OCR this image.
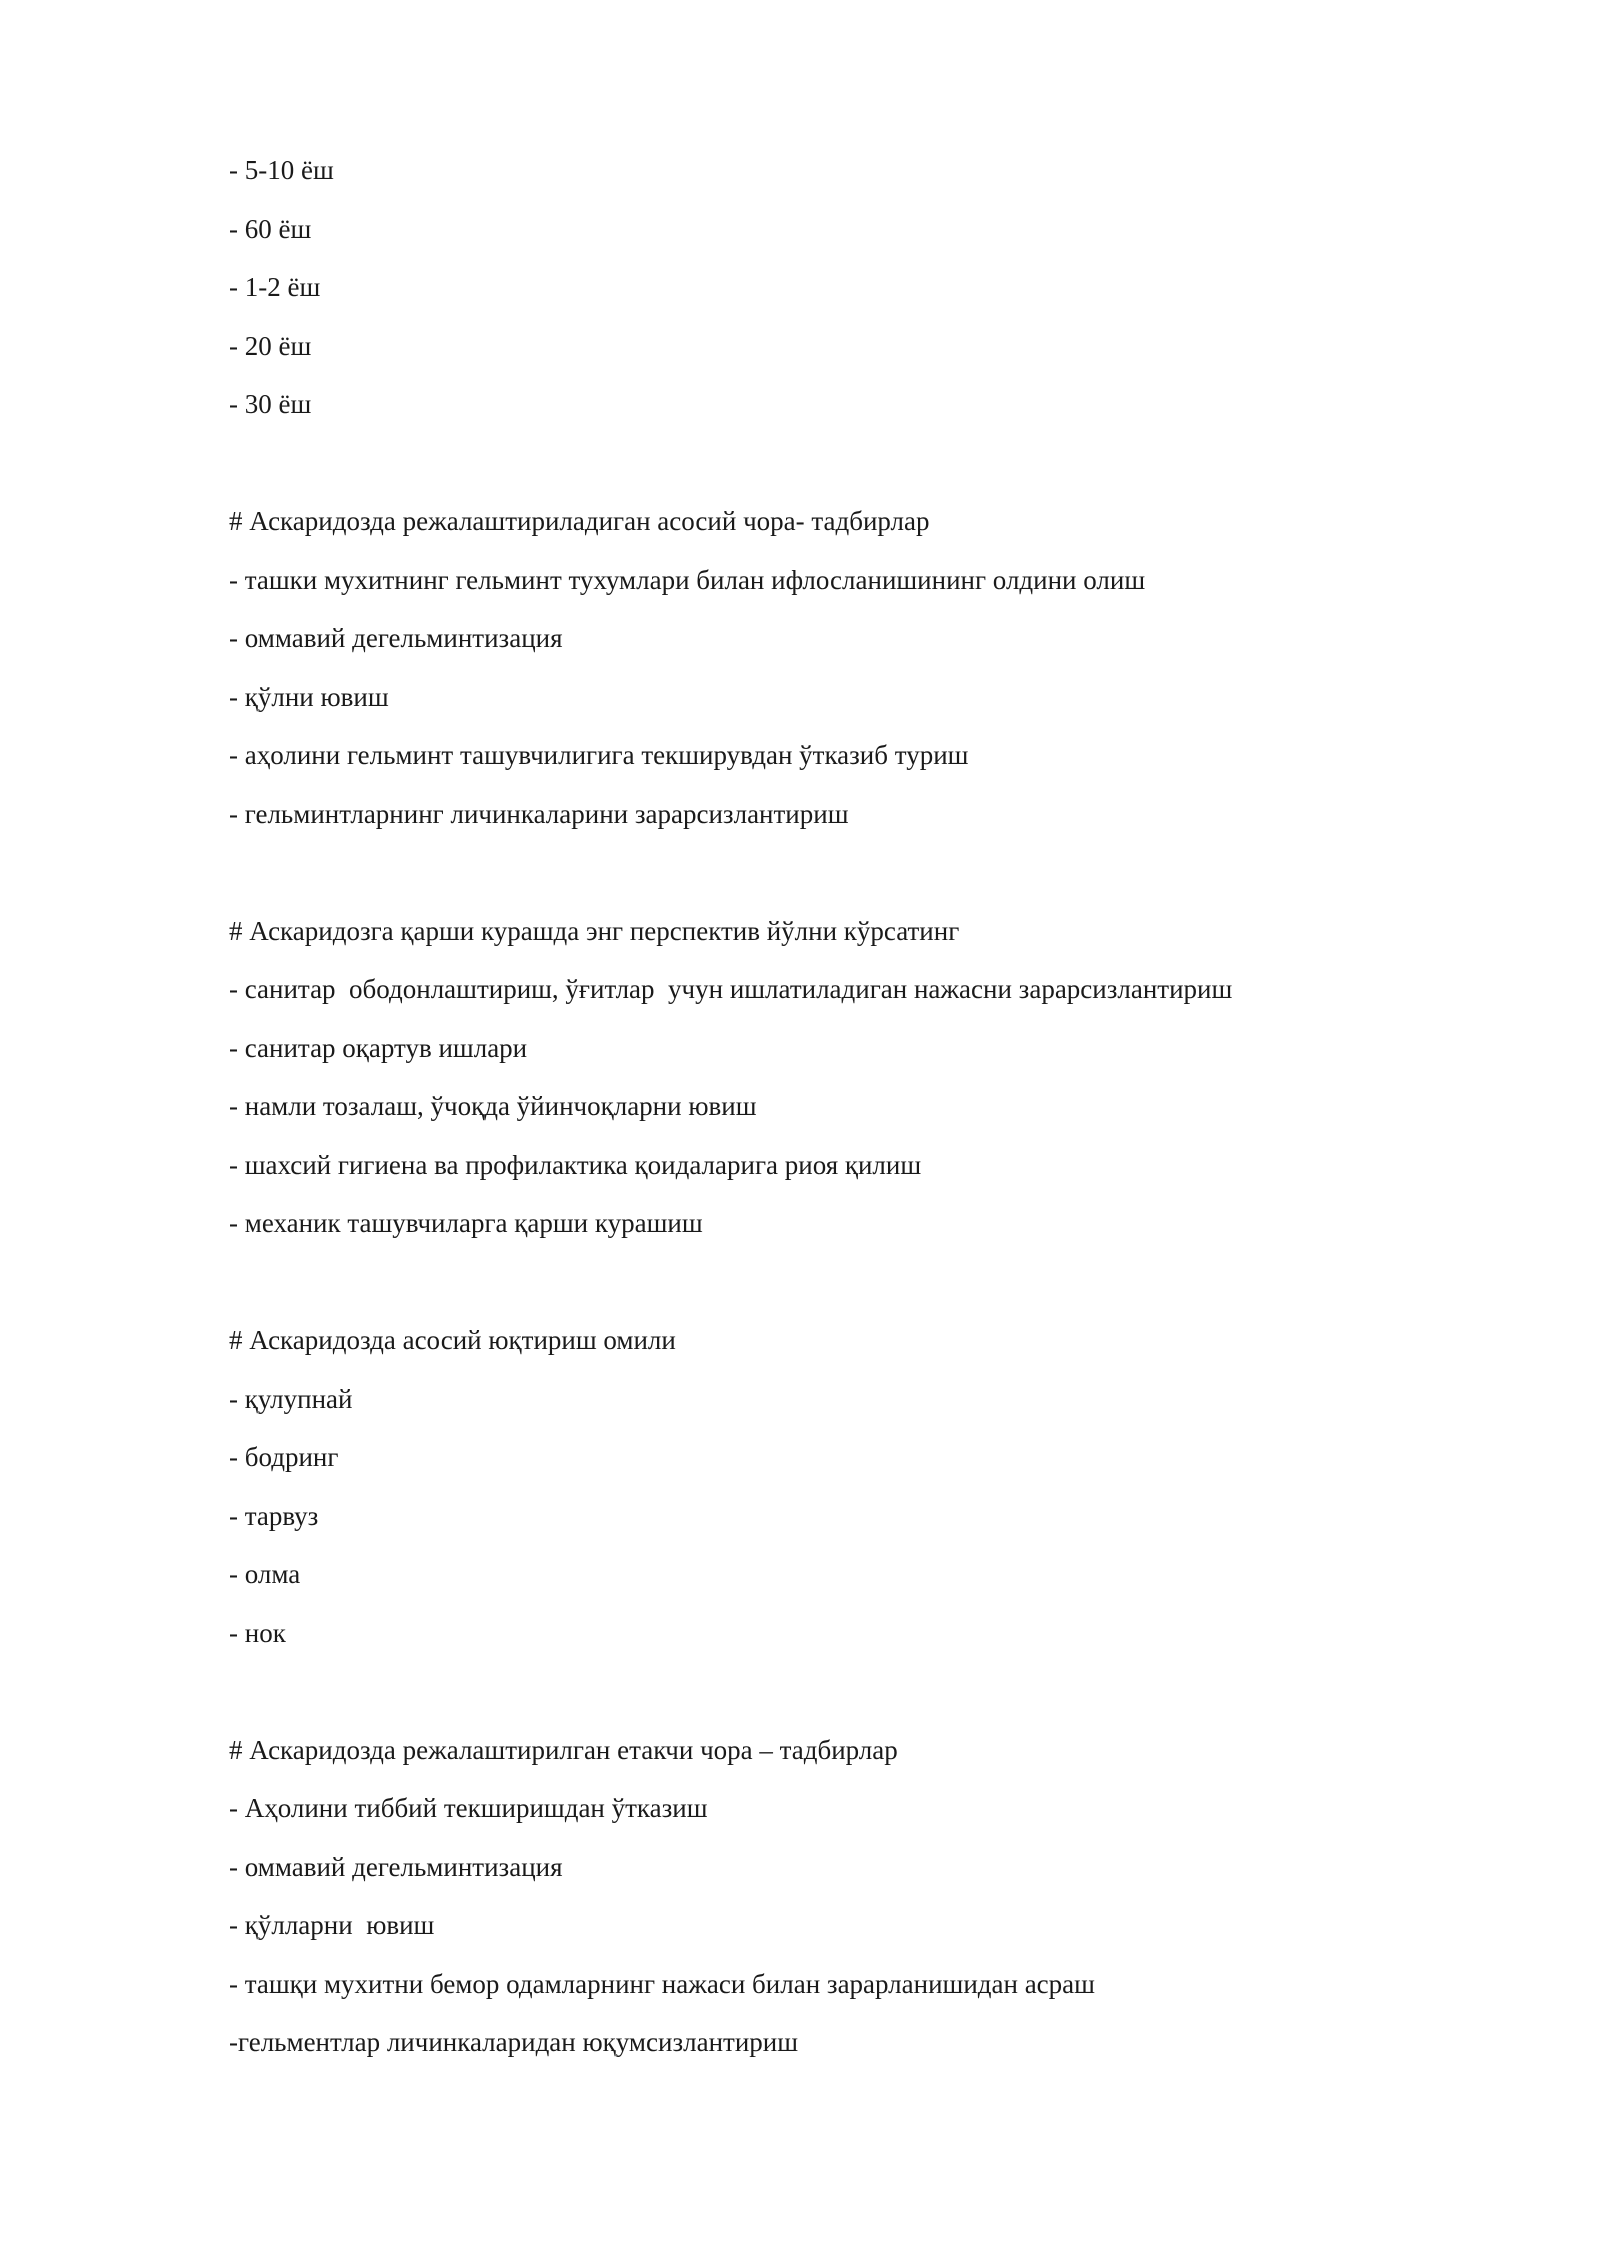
- 5-10 ёш
- 60 ёш
- 1-2 ёш
- 20 ёш
- 30 ёш
# Аскаридозда режалаштириладиган асосий чора- тадбирлар
- ташки мухитнинг гельминт тухумлари билан ифлосланишининг олдини олиш
- оммавий дегельминтизация
- қўлни ювиш
- аҳолини гельминт ташувчилигига текширувдан ўтказиб туриш
- гельминтларнинг личинкаларини зарарсизлантириш
# Аскаридозга қарши курашда энг перспектив йўлни кўрсатинг
- санитар  ободонлаштириш, ўғитлар  учун ишлатиладиган нажасни зарарсизлантириш
- санитар оқартув ишлари
- намли тозалаш, ўчоқда ўйинчоқларни ювиш
- шахсий гигиена ва профилактика қоидаларига риоя қилиш
- механик ташувчиларга қарши курашиш
# Аскаридозда асосий юқтириш омили
- қулупнай
- бодринг
- тарвуз
- олма
- нок
# Аскаридозда режалаштирилган етакчи чора – тадбирлар
- Аҳолини тиббий текширишдан ўтказиш
- оммавий дегельминтизация
- қўлларни  ювиш
- ташқи мухитни бемор одамларнинг нажаси билан зарарланишидан асраш
-гельментлар личинкаларидан юқумсизлантириш
